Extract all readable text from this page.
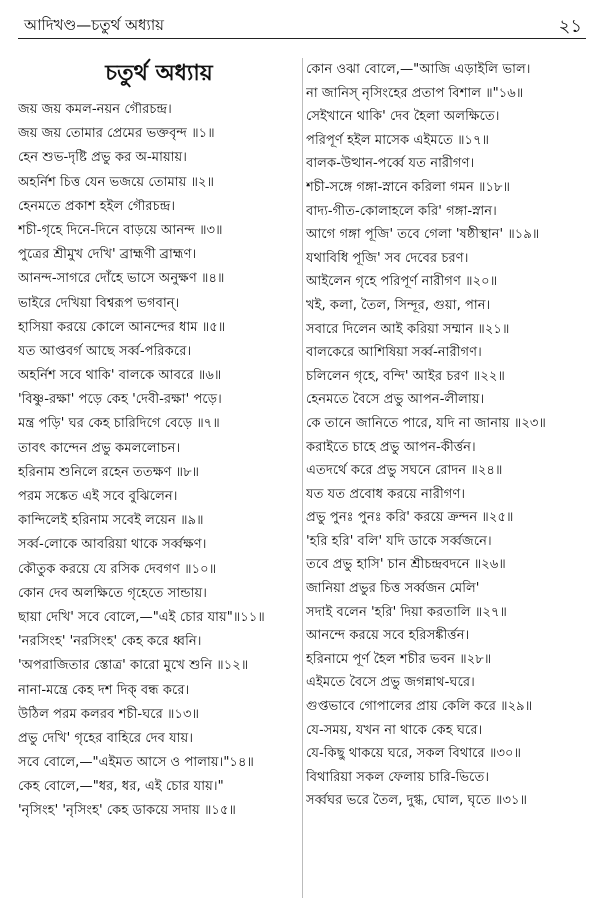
আদিখণ্ড—চতুর্থ অধ্যায়	২১
চতুর্থ অধ্যায়
জয় জয় কমল-নয়ন গৌরচন্দ্র।
জয় জয় তোমার প্রেমের ভক্তবৃন্দ ॥১॥
হেন শুভ-দৃষ্টি প্রভু কর অ-মায়ায়।
অহর্নিশ চিত্ত যেন ভজয়ে তোমায় ॥২॥
হেনমতে প্রকাশ হইল গৌরচন্দ্র।
শচী-গৃহে দিনে-দিনে বাড়য়ে আনন্দ ॥৩॥
পুত্রের শ্রীমুখ দেখি' ব্রাহ্মণী ব্রাহ্মণ।
আনন্দ-সাগরে দোঁহে ভাসে অনুক্ষণ ॥৪॥
ভাইরে দেখিয়া বিশ্বরূপ ভগবান্।
হাসিয়া করয়ে কোলে আনন্দের ধাম ॥৫॥
যত আপ্তবর্গ আছে সর্ব্ব-পরিকরে।
অহর্নিশ সবে থাকি' বালকে আবরে ॥৬॥
'বিষ্ণু-রক্ষা' পড়ে কেহ 'দেবী-রক্ষা' পড়ে।
মন্ত্র পড়ি' ঘর কেহ চারিদিগে বেড়ে ॥৭॥
তাবৎ কান্দেন প্রভু কমললোচন।
হরিনাম শুনিলে রহেন ততক্ষণ ॥৮॥
পরম সঙ্কেত এই সবে বুঝিলেন।
কান্দিলেই হরিনাম সবেই লয়েন ॥৯॥
সর্ব্ব-লোকে আবরিয়া থাকে সর্ব্বক্ষণ।
কৌতুক করয়ে যে রসিক দেবগণ ॥১০॥
কোন দেব অলক্ষিতে গৃহেতে সান্ডায়।
ছায়া দেখি' সবে বোলে,—"এই চোর যায়"॥১১॥
'নরসিংহ' 'নরসিংহ' কেহ করে ধ্বনি।
'অপরাজিতার স্তোত্র' কারো মুখে শুনি ॥১২॥
নানা-মন্ত্রে কেহ দশ দিক্ বন্ধ করে।
উঠিল পরম কলরব শচী-ঘরে ॥১৩॥
প্রভু দেখি' গৃহের বাহিরে দেব যায়।
সবে বোলে,—"এইমত আসে ও পালায়।"১৪॥
কেহ বোলে,—"ধর, ধর, এই চোর যায়।"
'নৃসিংহ' 'নৃসিংহ' কেহ ডাকয়ে সদায় ॥১৫॥
কোন ওঝা বোলে,—"আজি এড়াইলি ভাল।
না জানিস্ নৃসিংহের প্রতাপ বিশাল ॥"১৬॥
সেইখানে থাকি' দেব হৈলা অলক্ষিতে।
পরিপূর্ণ হইল মাসেক এইমতে ॥১৭॥
বালক-উত্থান-পর্ব্বে যত নারীগণ।
শচী-সঙ্গে গঙ্গা-স্নানে করিলা গমন ॥১৮॥
বাদ্য-গীত-কোলাহলে করি' গঙ্গা-স্নান।
আগে গঙ্গা পূজি' তবে গেলা 'ষষ্ঠীস্থান' ॥১৯॥
যথাবিধি পূজি' সব দেবের চরণ।
আইলেন গৃহে পরিপূর্ণ নারীগণ ॥২০॥
খই, কলা, তৈল, সিন্দূর, গুয়া, পান।
সবারে দিলেন আই করিয়া সম্মান ॥২১॥
বালকেরে আশিষিয়া সর্ব্ব-নারীগণ।
চলিলেন গৃহে, বন্দি' আইর চরণ ॥২২॥
হেনমতে বৈসে প্রভু আপন-লীলায়।
কে তানে জানিতে পারে, যদি না জানায় ॥২৩॥
করাইতে চাহে প্রভু আপন-কীর্ত্তন।
এতদর্থে করে প্রভু সঘনে রোদন ॥২৪॥
যত যত প্রবোধ করয়ে নারীগণ।
প্রভু পুনঃ পুনঃ করি' করয়ে ক্রন্দন ॥২৫॥
'হরি হরি' বলি' যদি ডাকে সর্ব্বজনে।
তবে প্রভু হাসি' চান শ্রীচন্দ্রবদনে ॥২৬॥
জানিয়া প্রভুর চিত্ত সর্ব্বজন মেলি'
সদাই বলেন 'হরি' দিয়া করতালি ॥২৭॥
আনন্দে করয়ে সবে হরিসঙ্কীর্ত্তন।
হরিনামে পূর্ণ হৈল শচীর ভবন ॥২৮॥
এইমতে বৈসে প্রভু জগন্নাথ-ঘরে।
গুপ্তভাবে গোপালের প্রায় কেলি করে ॥২৯॥
যে-সময়, যখন না থাকে কেহ ঘরে।
যে-কিছু থাকয়ে ঘরে, সকল বিথারে ॥৩০॥
বিথারিয়া সকল ফেলায় চারি-ভিতে।
সর্ব্বঘর ভরে তৈল, দুগ্ধ, ঘোল, ঘৃতে ॥৩১॥
